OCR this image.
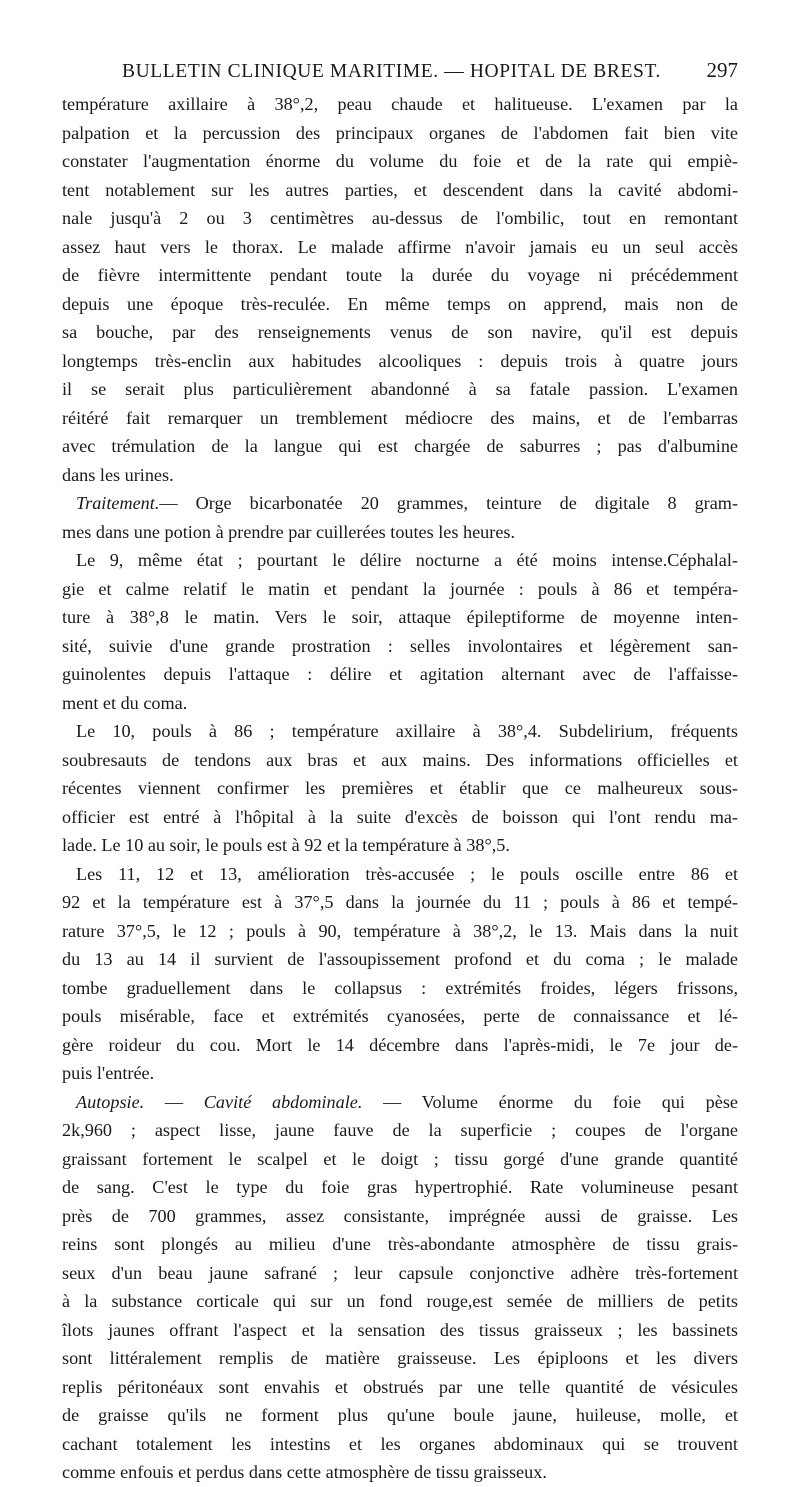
BULLETIN CLINIQUE MARITIME. — HOPITAL DE BREST. 297

température axillaire à 38°,2, peau chaude et halitueuse. L'examen par la
palpation et la percussion des principaux organes de l'abdomen fait bien vite
constater l'augmentation énorme du volume du foie et de la rate qui empiè-
tent notablement sur les autres parties, et descendent dans la cavité abdomi-
nale jusqu'à 2 ou 3 centimètres au-dessus de l'ombilic, tout en remontant
assez haut vers le thorax. Le malade affirme n'avoir jamais eu un seul accès
de fièvre intermittente pendant toute la durée du voyage ni précédemment
depuis une époque très-reculée. En même temps on apprend, mais non de
sa bouche, par des renseignements venus de son navire, qu'il est depuis
longtemps très-enclin aux habitudes alcooliques : depuis trois à quatre jours
il se serait plus particulièrement abandonné à sa fatale passion. L'examen
réitéré fait remarquer un tremblement médiocre des mains, et de l'embarras
avec trémulation de la langue qui est chargée de saburres ; pas d'albumine
dans les urines.

Traitement.— Orge bicarbonatée 20 grammes, teinture de digitale 8 gram-
mes dans une potion à prendre par cuillerées toutes les heures.

Le 9, même état ; pourtant le délire nocturne a été moins intense.Céphalal-
gie et calme relatif le matin et pendant la journée : pouls à 86 et tempéra-
ture à 38°,8 le matin. Vers le soir, attaque épileptiforme de moyenne inten-
sité, suivie d'une grande prostration : selles involontaires et légèrement san-
guinolentes depuis l'attaque : délire et agitation alternant avec de l'affaisse-
ment et du coma.

Le 10, pouls à 86 ; température axillaire à 38°,4. Subdelirium, fréquents
soubresauts de tendons aux bras et aux mains. Des informations officielles et
récentes viennent confirmer les premières et établir que ce malheureux sous-
officier est entré à l'hôpital à la suite d'excès de boisson qui l'ont rendu ma-
lade. Le 10 au soir, le pouls est à 92 et la température à 38°,5.

Les 11, 12 et 13, amélioration très-accusée ; le pouls oscille entre 86 et
92 et la température est à 37°,5 dans la journée du 11 ; pouls à 86 et tempé-
rature 37°,5, le 12 ; pouls à 90, température à 38°,2, le 13. Mais dans la nuit
du 13 au 14 il survient de l'assoupissement profond et du coma ; le malade
tombe graduellement dans le collapsus : extrémités froides, légers frissons,
pouls misérable, face et extrémités cyanosées, perte de connaissance et lé-
gère roideur du cou. Mort le 14 décembre dans l'après-midi, le 7e jour de-
puis l'entrée.

Autopsie. — Cavité abdominale. — Volume énorme du foie qui pèse
2k,960 ; aspect lisse, jaune fauve de la superficie ; coupes de l'organe
graissant fortement le scalpel et le doigt ; tissu gorgé d'une grande quantité
de sang. C'est le type du foie gras hypertrophié. Rate volumineuse pesant
près de 700 grammes, assez consistante, imprégnée aussi de graisse. Les
reins sont plongés au milieu d'une très-abondante atmosphère de tissu grais-
seux d'un beau jaune safrané ; leur capsule conjonctive adhère très-fortement
à la substance corticale qui sur un fond rouge,est semée de milliers de petits
îlots jaunes offrant l'aspect et la sensation des tissus graisseux ; les bassinets
sont littéralement remplis de matière graisseuse. Les épiploons et les divers
replis péritonéaux sont envahis et obstrués par une telle quantité de vésicules
de graisse qu'ils ne forment plus qu'une boule jaune, huileuse, molle, et
cachant totalement les intestins et les organes abdominaux qui se trouvent
comme enfouis et perdus dans cette atmosphère de tissu graisseux.
